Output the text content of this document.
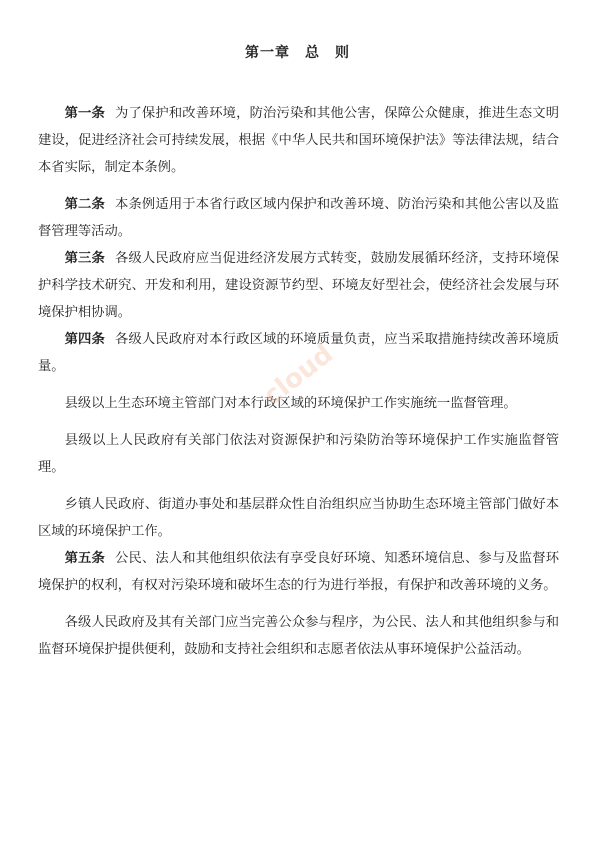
第一章　总　则

第一条 为了保护和改善环境，防治污染和其他公害，保障公众健康，推进生态文明建设，促进经济社会可持续发展，根据《中华人民共和国环境保护法》等法律法规，结合本省实际，制定本条例。

第二条 本条例适用于本省行政区域内保护和改善环境、防治污染和其他公害以及监督管理等活动。

第三条 各级人民政府应当促进经济发展方式转变，鼓励发展循环经济，支持环境保护科学技术研究、开发和利用，建设资源节约型、环境友好型社会，使经济社会发展与环境保护相协调。

第四条 各级人民政府对本行政区域的环境质量负责，应当采取措施持续改善环境质量。

县级以上生态环境主管部门对本行政区域的环境保护工作实施统一监督管理。

县级以上人民政府有关部门依法对资源保护和污染防治等环境保护工作实施监督管理。

乡镇人民政府、街道办事处和基层群众性自治组织应当协助生态环境主管部门做好本区域的环境保护工作。

第五条 公民、法人和其他组织依法有享受良好环境、知悉环境信息、参与及监督环境保护的权利，有权对污染环境和破坏生态的行为进行举报，有保护和改善环境的义务。

各级人民政府及其有关部门应当完善公众参与程序，为公民、法人和其他组织参与和监督环境保护提供便利，鼓励和支持社会组织和志愿者依法从事环境保护公益活动。

cloud
